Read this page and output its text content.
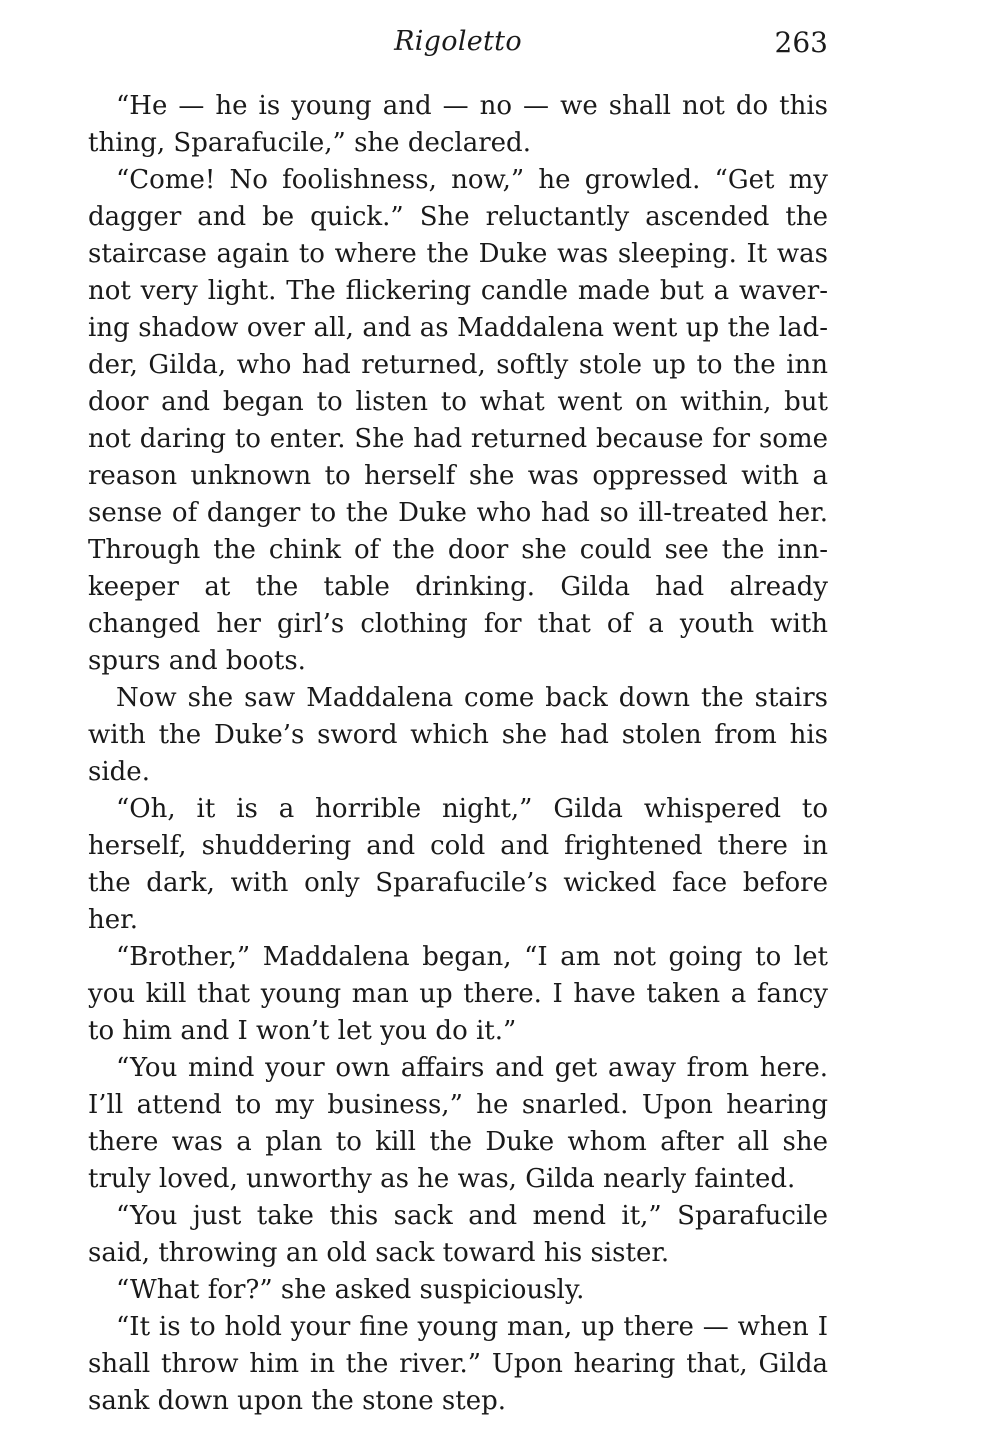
Rigoletto	263

“He — he is young and — no — we shall not do this thing, Sparafucile,” she declared.

“Come! No foolishness, now,” he growled. “Get my dagger and be quick.” She reluctantly ascended the staircase again to where the Duke was sleeping. It was not very light. The flickering candle made but a wavering shadow over all, and as Maddalena went up the ladder, Gilda, who had returned, softly stole up to the inn door and began to listen to what went on within, but not daring to enter. She had returned because for some reason unknown to herself she was oppressed with a sense of danger to the Duke who had so ill-treated her. Through the chink of the door she could see the innkeeper at the table drinking. Gilda had already changed her girl’s clothing for that of a youth with spurs and boots.

Now she saw Maddalena come back down the stairs with the Duke’s sword which she had stolen from his side.

“Oh, it is a horrible night,” Gilda whispered to herself, shuddering and cold and frightened there in the dark, with only Sparafucile’s wicked face before her.

“Brother,” Maddalena began, “I am not going to let you kill that young man up there. I have taken a fancy to him and I won’t let you do it.”

“You mind your own affairs and get away from here. I’ll attend to my business,” he snarled. Upon hearing there was a plan to kill the Duke whom after all she truly loved, unworthy as he was, Gilda nearly fainted.

“You just take this sack and mend it,” Sparafucile said, throwing an old sack toward his sister.

“What for?” she asked suspiciously.

“It is to hold your fine young man, up there — when I shall throw him in the river.” Upon hearing that, Gilda sank down upon the stone step.
